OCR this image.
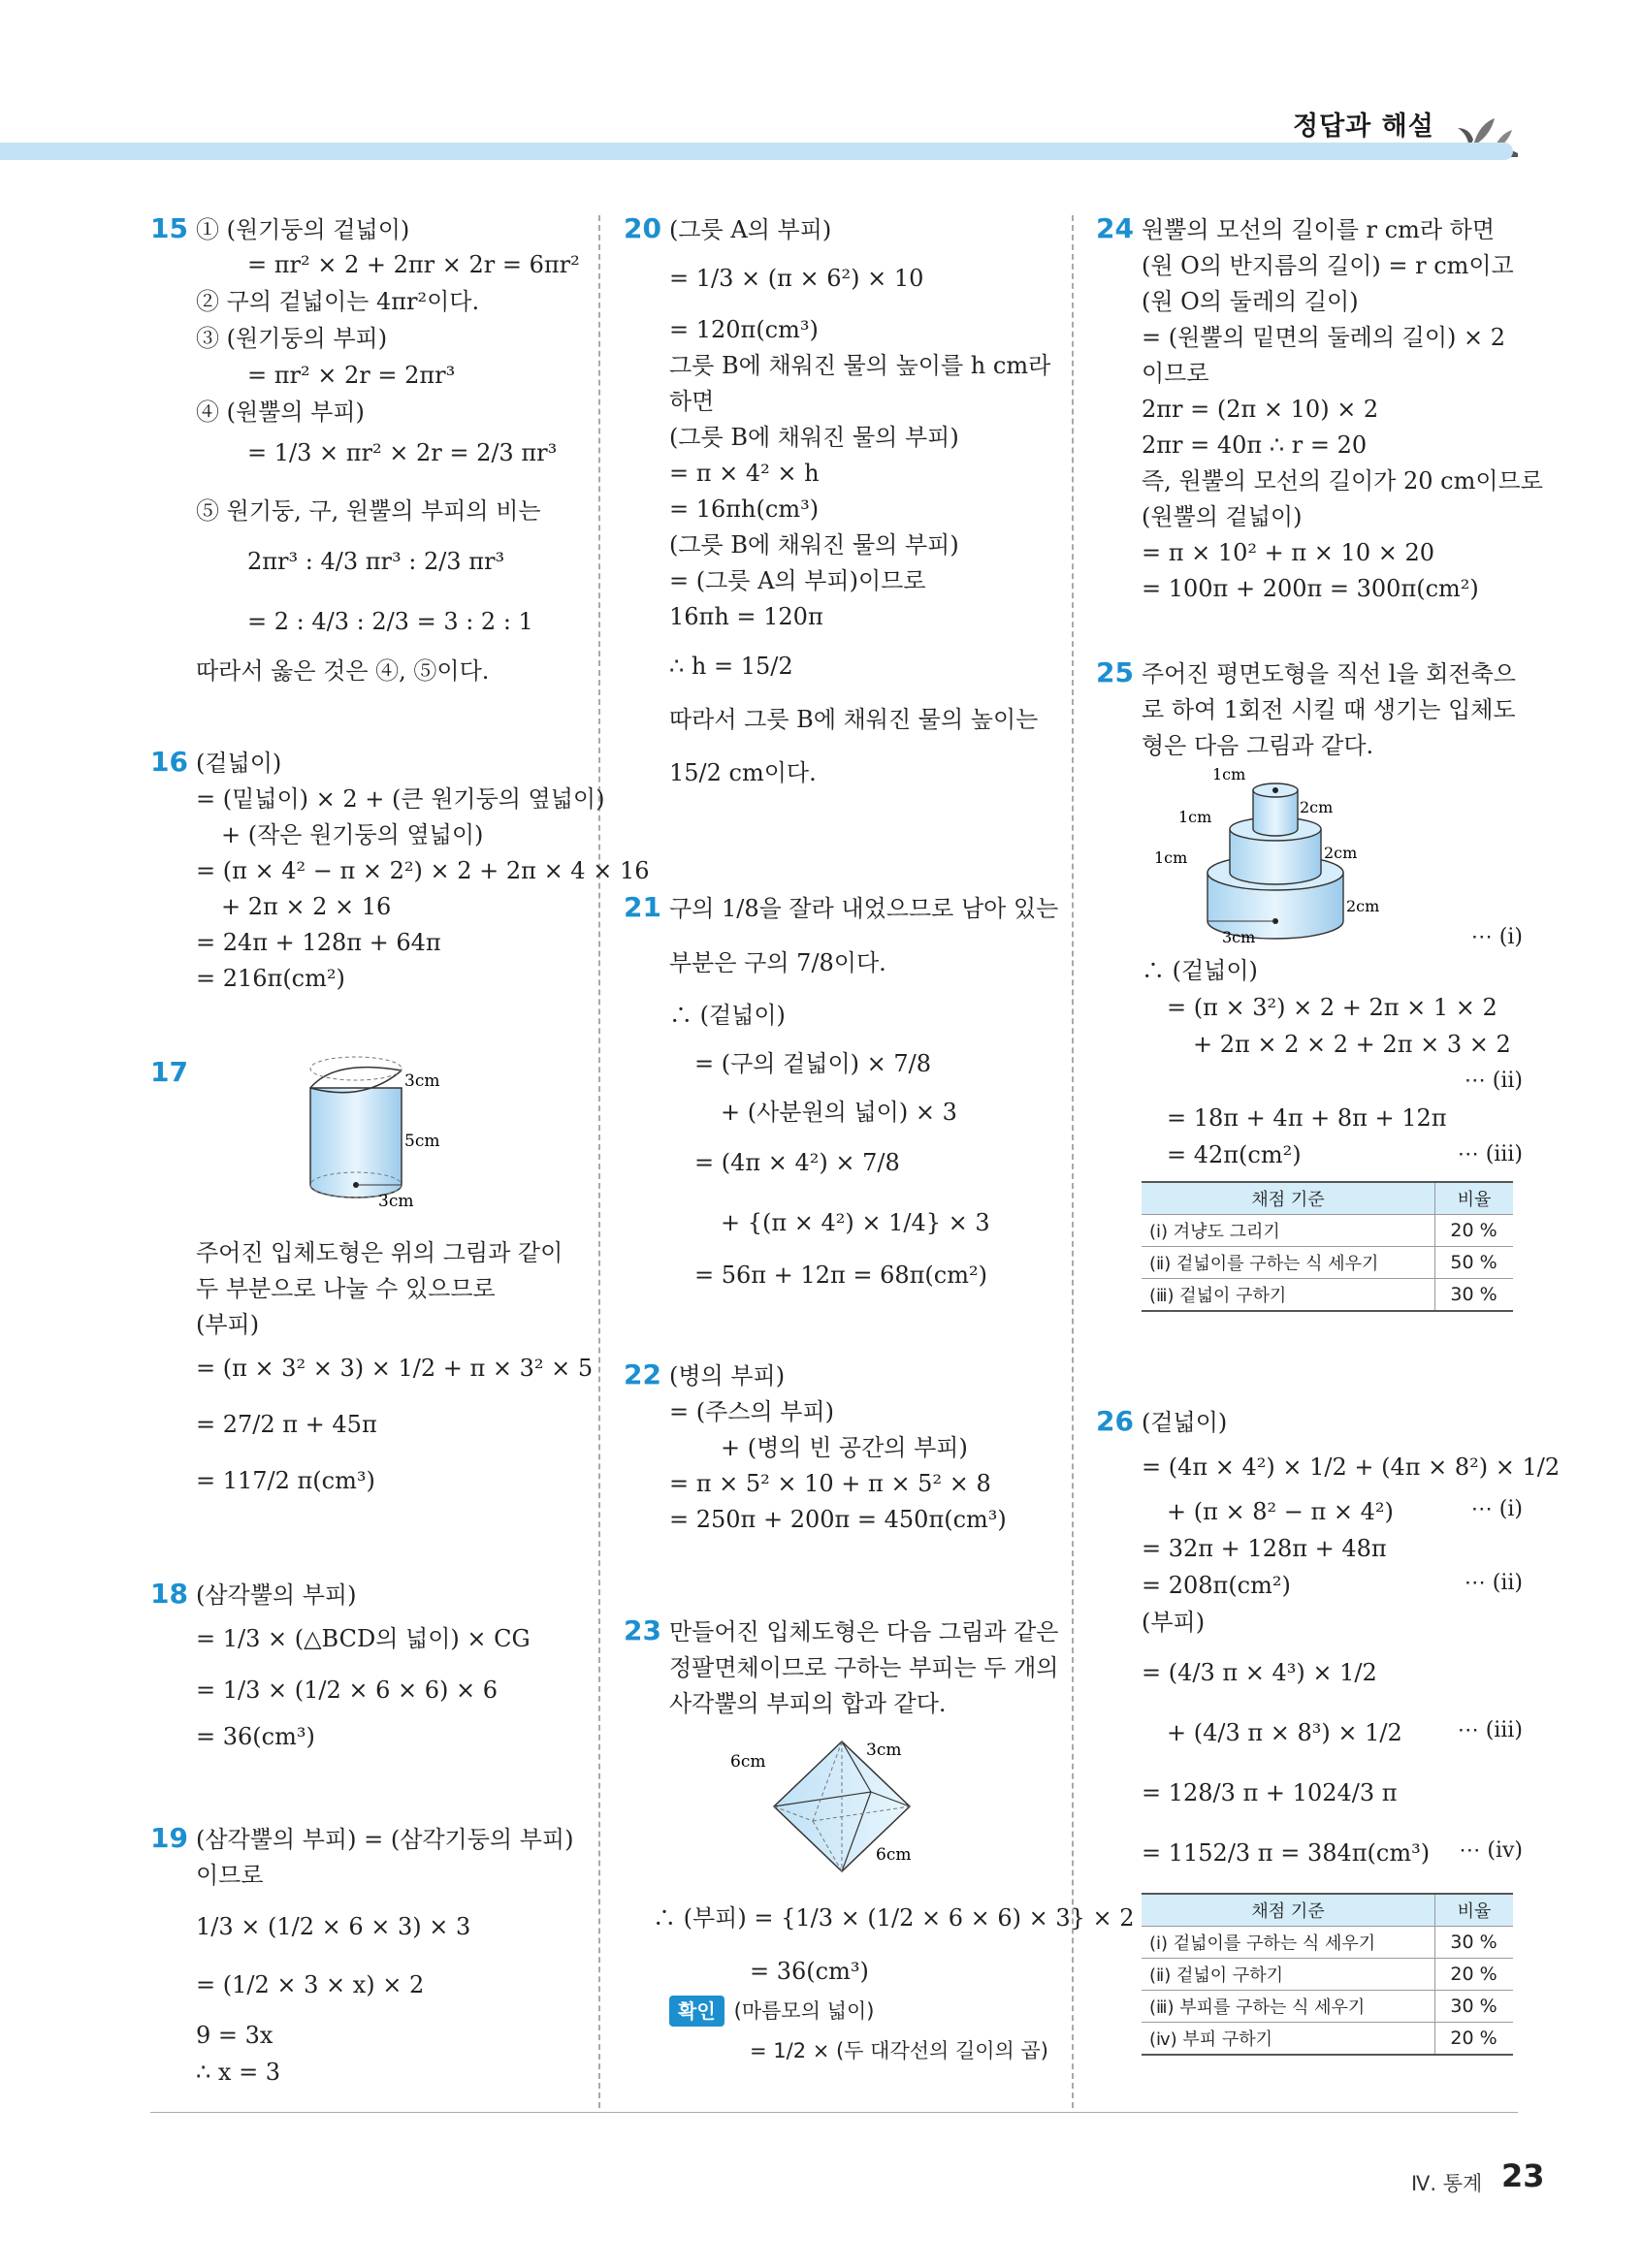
정답과 해설
15 ① (원기둥의 겉넓이)
= πr² × 2 + 2πr × 2r = 6πr²
② 구의 겉넓이는 4πr²이다.
③ (원기둥의 부피)
= πr² × 2r = 2πr³
④ (원뿔의 부피)
= 1/3 × πr² × 2r = 2/3 πr³
⑤ 원기둥, 구, 원뿔의 부피의 비는
2πr³ : 4/3 πr³ : 2/3 πr³
= 2 : 4/3 : 2/3 = 3 : 2 : 1
따라서 옳은 것은 ④, ⑤이다.
16 (겉넓이)
= (밑넓이) × 2 + (큰 원기둥의 옆넓이)
+ (작은 원기둥의 옆넓이)
= (π × 4² − π × 2²) × 2 + 2π × 4 × 16
+ 2π × 2 × 16
= 24π + 128π + 64π
= 216π(cm²)
17	3cm
5cm
3cm
주어진 입체도형은 위의 그림과 같이
두 부분으로 나눌 수 있으므로
(부피)
= (π × 3² × 3) × 1/2 + π × 3² × 5
= 27/2 π + 45π
= 117/2 π(cm³)
18 (삼각뿔의 부피)
= 1/3 × (△BCD의 넓이) × CG
= 1/3 × (1/2 × 6 × 6) × 6
= 36(cm³)
19 (삼각뿔의 부피) = (삼각기둥의 부피)
이므로
1/3 × (1/2 × 6 × 3) × 3
= (1/2 × 3 × x) × 2
9 = 3x
∴ x = 3
20 (그릇 A의 부피)
= 1/3 × (π × 6²) × 10
= 120π(cm³)
그릇 B에 채워진 물의 높이를 h cm라
하면
(그릇 B에 채워진 물의 부피)
= π × 4² × h
= 16πh(cm³)
(그릇 B에 채워진 물의 부피)
= (그릇 A의 부피)이므로
16πh = 120π
∴ h = 15/2
따라서 그릇 B에 채워진 물의 높이는
15/2 cm이다.
21 구의 1/8을 잘라 내었으므로 남아 있는
부분은 구의 7/8이다.
∴ (겉넓이)
= (구의 겉넓이) × 7/8
+ (사분원의 넓이) × 3
= (4π × 4²) × 7/8
+ {(π × 4²) × 1/4} × 3
= 56π + 12π = 68π(cm²)
22 (병의 부피)
= (주스의 부피)
+ (병의 빈 공간의 부피)
= π × 5² × 10 + π × 5² × 8
= 250π + 200π = 450π(cm³)
23 만들어진 입체도형은 다음 그림과 같은
정팔면체이므로 구하는 부피는 두 개의
사각뿔의 부피의 합과 같다.
6cm
3cm
6cm
∴ (부피) = {1/3 × (1/2 × 6 × 6) × 3} × 2
= 36(cm³)
확인 (마름모의 넓이)
= 1/2 × (두 대각선의 길이의 곱)
24 원뿔의 모선의 길이를 r cm라 하면
(원 O의 반지름의 길이) = r cm이고
(원 O의 둘레의 길이)
= (원뿔의 밑면의 둘레의 길이) × 2
이므로
2πr = (2π × 10) × 2
2πr = 40π ∴ r = 20
즉, 원뿔의 모선의 길이가 20 cm이므로
(원뿔의 겉넓이)
= π × 10² + π × 10 × 20
= 100π + 200π = 300π(cm²)
25 주어진 평면도형을 직선 l을 회전축으
로 하여 1회전 시킬 때 생기는 입체도
형은 다음 그림과 같다.
1cm
2cm
1cm
2cm
1cm
2cm
3cm	⋯ (ⅰ)
∴ (겉넓이)
= (π × 3²) × 2 + 2π × 1 × 2
+ 2π × 2 × 2 + 2π × 3 × 2
⋯ (ⅱ)
= 18π + 4π + 8π + 12π
= 42π(cm²)	⋯ (ⅲ)
채점 기준	비율
(ⅰ) 겨냥도 그리기	20 %
(ⅱ) 겉넓이를 구하는 식 세우기	50 %
(ⅲ) 겉넓이 구하기	30 %
26 (겉넓이)
= (4π × 4²) × 1/2 + (4π × 8²) × 1/2
+ (π × 8² − π × 4²)	⋯ (ⅰ)
= 32π + 128π + 48π
= 208π(cm²)	⋯ (ⅱ)
(부피)
= (4/3 π × 4³) × 1/2
+ (4/3 π × 8³) × 1/2	⋯ (ⅲ)
= 128/3 π + 1024/3 π
= 1152/3 π = 384π(cm³) ⋯ (ⅳ)
채점 기준	비율
(ⅰ) 겉넓이를 구하는 식 세우기	30 %
(ⅱ) 겉넓이 구하기	20 %
(ⅲ) 부피를 구하는 식 세우기	30 %
(ⅳ) 부피 구하기	20 %
Ⅳ. 통계 23
